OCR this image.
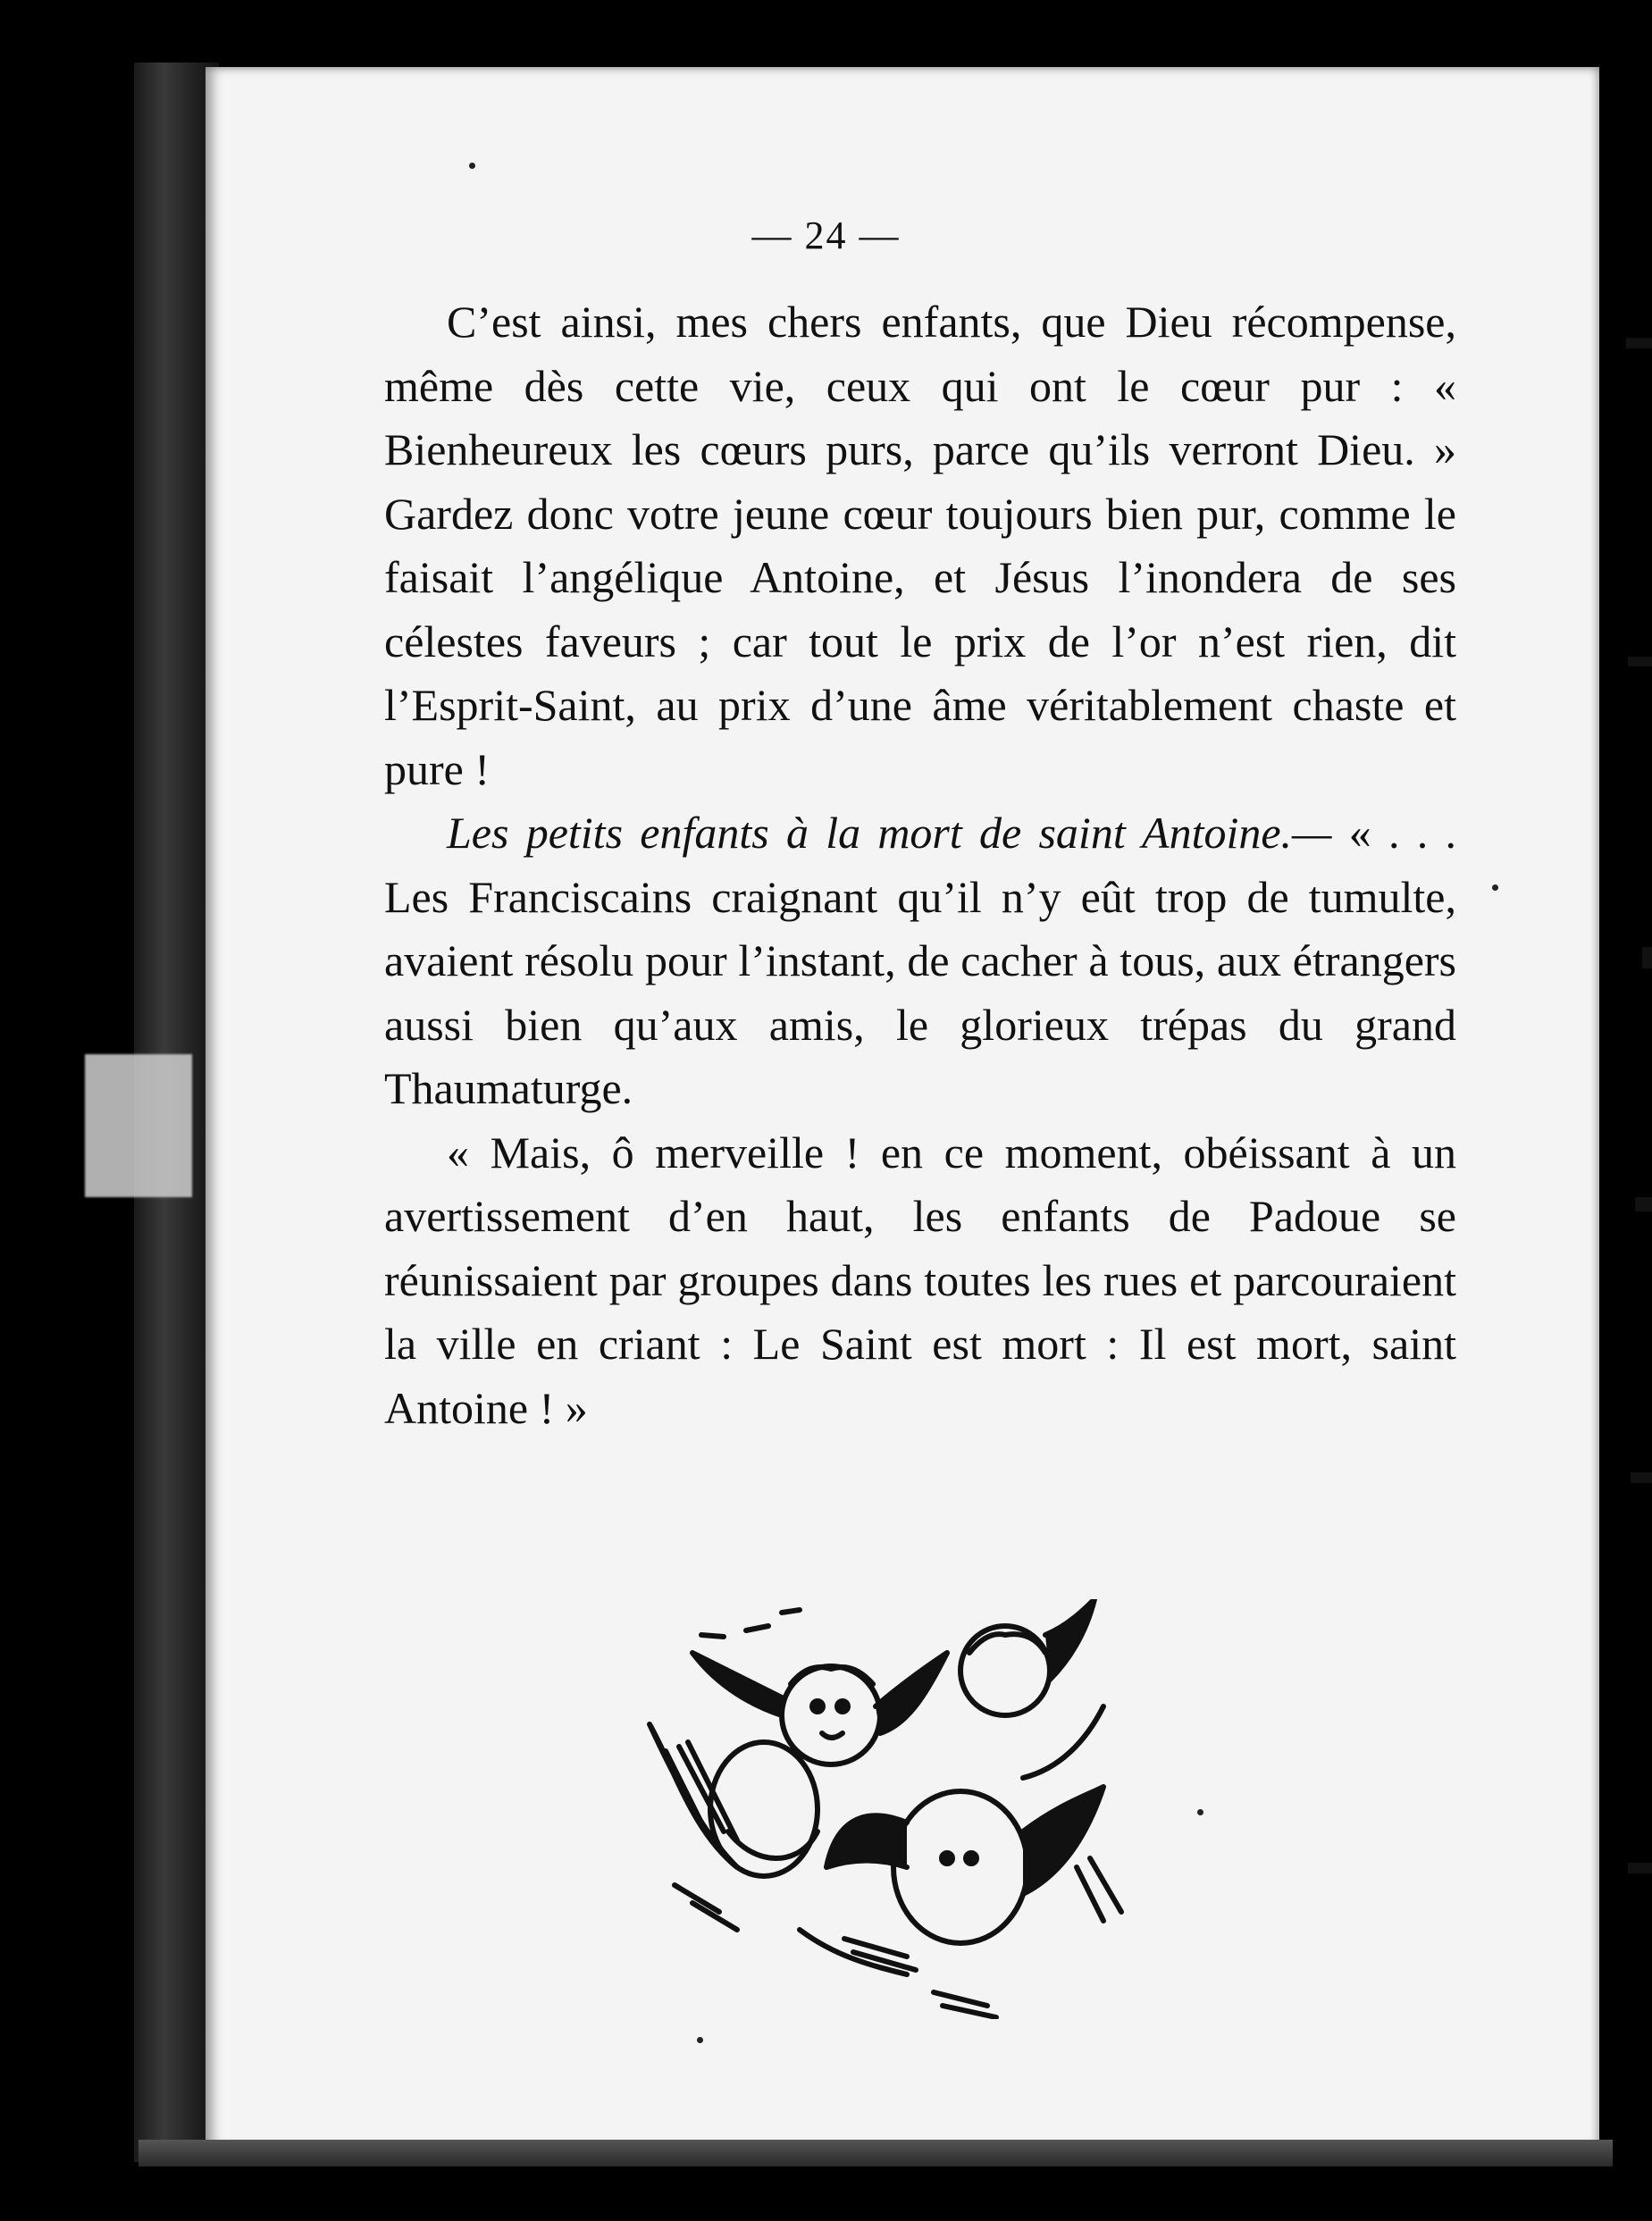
— 24 —

C’est ainsi, mes chers enfants, que Dieu récompense, même dès cette vie, ceux qui ont le cœur pur : « Bienheureux les cœurs purs, parce qu’ils verront Dieu. » Gardez donc votre jeune cœur toujours bien pur, comme le faisait l’angélique Antoine, et Jésus l’inondera de ses célestes faveurs ; car tout le prix de l’or n’est rien, dit l’Esprit-Saint, au prix d’une âme véritablement chaste et pure !

Les petits enfants à la mort de saint Antoine.— « . . . Les Franciscains craignant qu’il n’y eût trop de tumulte, avaient résolu pour l’instant, de cacher à tous, aux étrangers aussi bien qu’aux amis, le glorieux trépas du grand Thaumaturge.

« Mais, ô merveille ! en ce moment, obéissant à un avertissement d’en haut, les enfants de Padoue se réunissaient par groupes dans toutes les rues et parcouraient la ville en criant : Le Saint est mort : Il est mort, saint Antoine ! »
